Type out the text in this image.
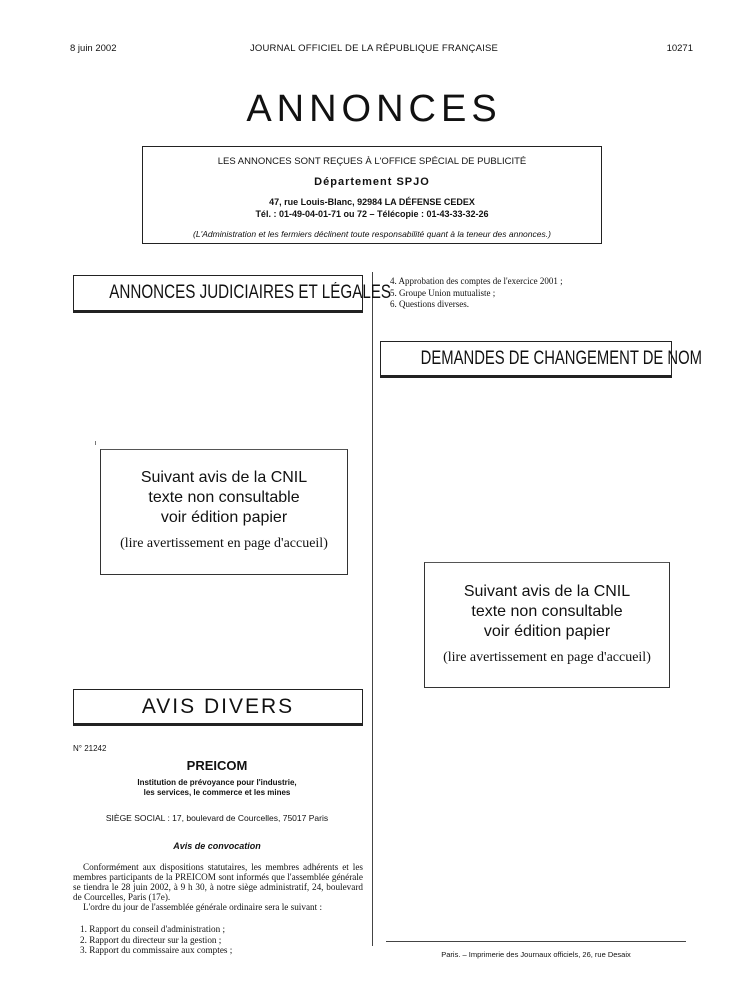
8 juin 2002	JOURNAL OFFICIEL DE LA RÉPUBLIQUE FRANÇAISE	10271
ANNONCES
LES ANNONCES SONT REÇUES À L'OFFICE SPÉCIAL DE PUBLICITÉ
Département SPJO
47, rue Louis-Blanc, 92984 LA DÉFENSE CEDEX
Tél. : 01-49-04-01-71 ou 72 – Télécopie : 01-43-33-32-26
(L'Administration et les fermiers déclinent toute responsabilité quant à la teneur des annonces.)
ANNONCES JUDICIAIRES ET LÉGALES
Suivant avis de la CNIL
texte non consultable
voir édition papier
(lire avertissement en page d'accueil)
AVIS DIVERS
N° 21242
PREICOM
Institution de prévoyance pour l'industrie,
les services, le commerce et les mines
SIÈGE SOCIAL : 17, boulevard de Courcelles, 75017 Paris
Avis de convocation

Conformément aux dispositions statutaires, les membres adhérents et les membres participants de la PREICOM sont informés que l'assemblée générale se tiendra le 28 juin 2002, à 9 h 30, à notre siège administratif, 24, boulevard de Courcelles, Paris (17e).

L'ordre du jour de l'assemblée générale ordinaire sera le suivant :

1. Rapport du conseil d'administration ;
2. Rapport du directeur sur la gestion ;
3. Rapport du commissaire aux comptes ;
4. Approbation des comptes de l'exercice 2001 ;
5. Groupe Union mutualiste ;
6. Questions diverses.
DEMANDES DE CHANGEMENT DE NOM
Suivant avis de la CNIL
texte non consultable
voir édition papier
(lire avertissement en page d'accueil)
Paris. – Imprimerie des Journaux officiels, 26, rue Desaix
